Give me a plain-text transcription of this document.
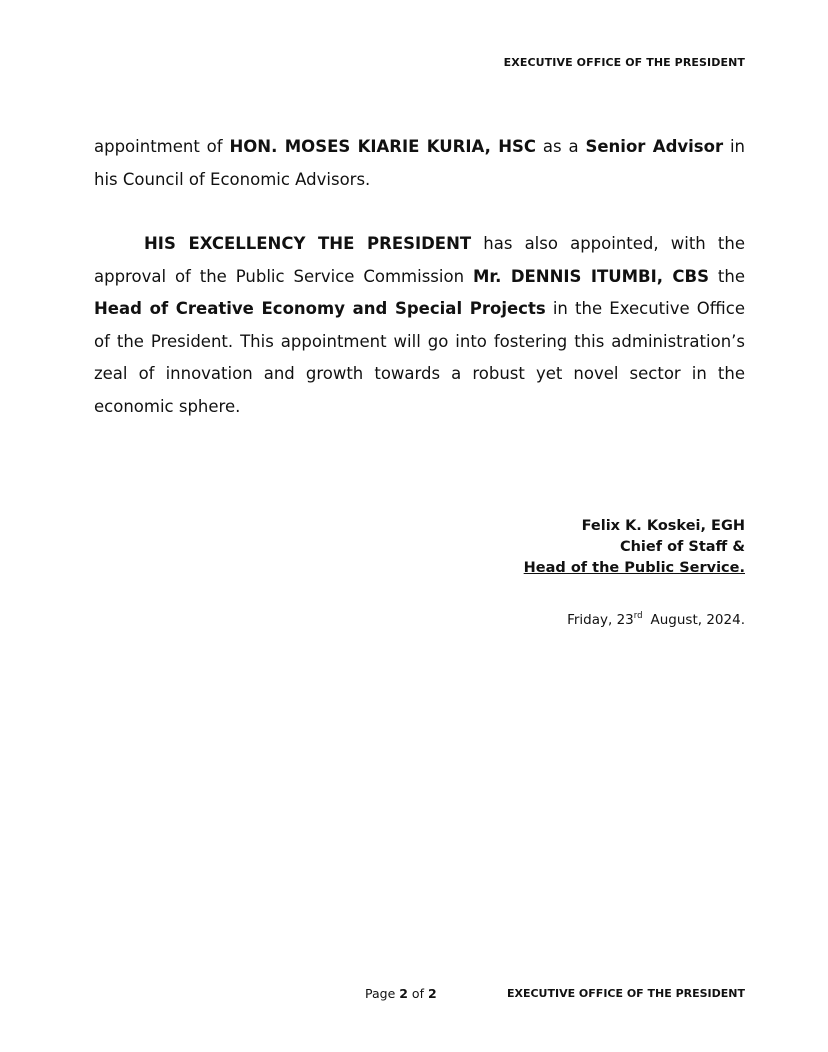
EXECUTIVE OFFICE OF THE PRESIDENT

appointment of HON. MOSES KIARIE KURIA, HSC as a Senior Advisor in his Council of Economic Advisors.

HIS EXCELLENCY THE PRESIDENT has also appointed, with the approval of the Public Service Commission Mr. DENNIS ITUMBI, CBS the Head of Creative Economy and Special Projects in the Executive Office of the President. This appointment will go into fostering this administration’s zeal of innovation and growth towards a robust yet novel sector in the economic sphere.

Felix K. Koskei, EGH
Chief of Staff &
Head of the Public Service.
Friday, 23rd August, 2024.
Page 2 of 2	EXECUTIVE OFFICE OF THE PRESIDENT
